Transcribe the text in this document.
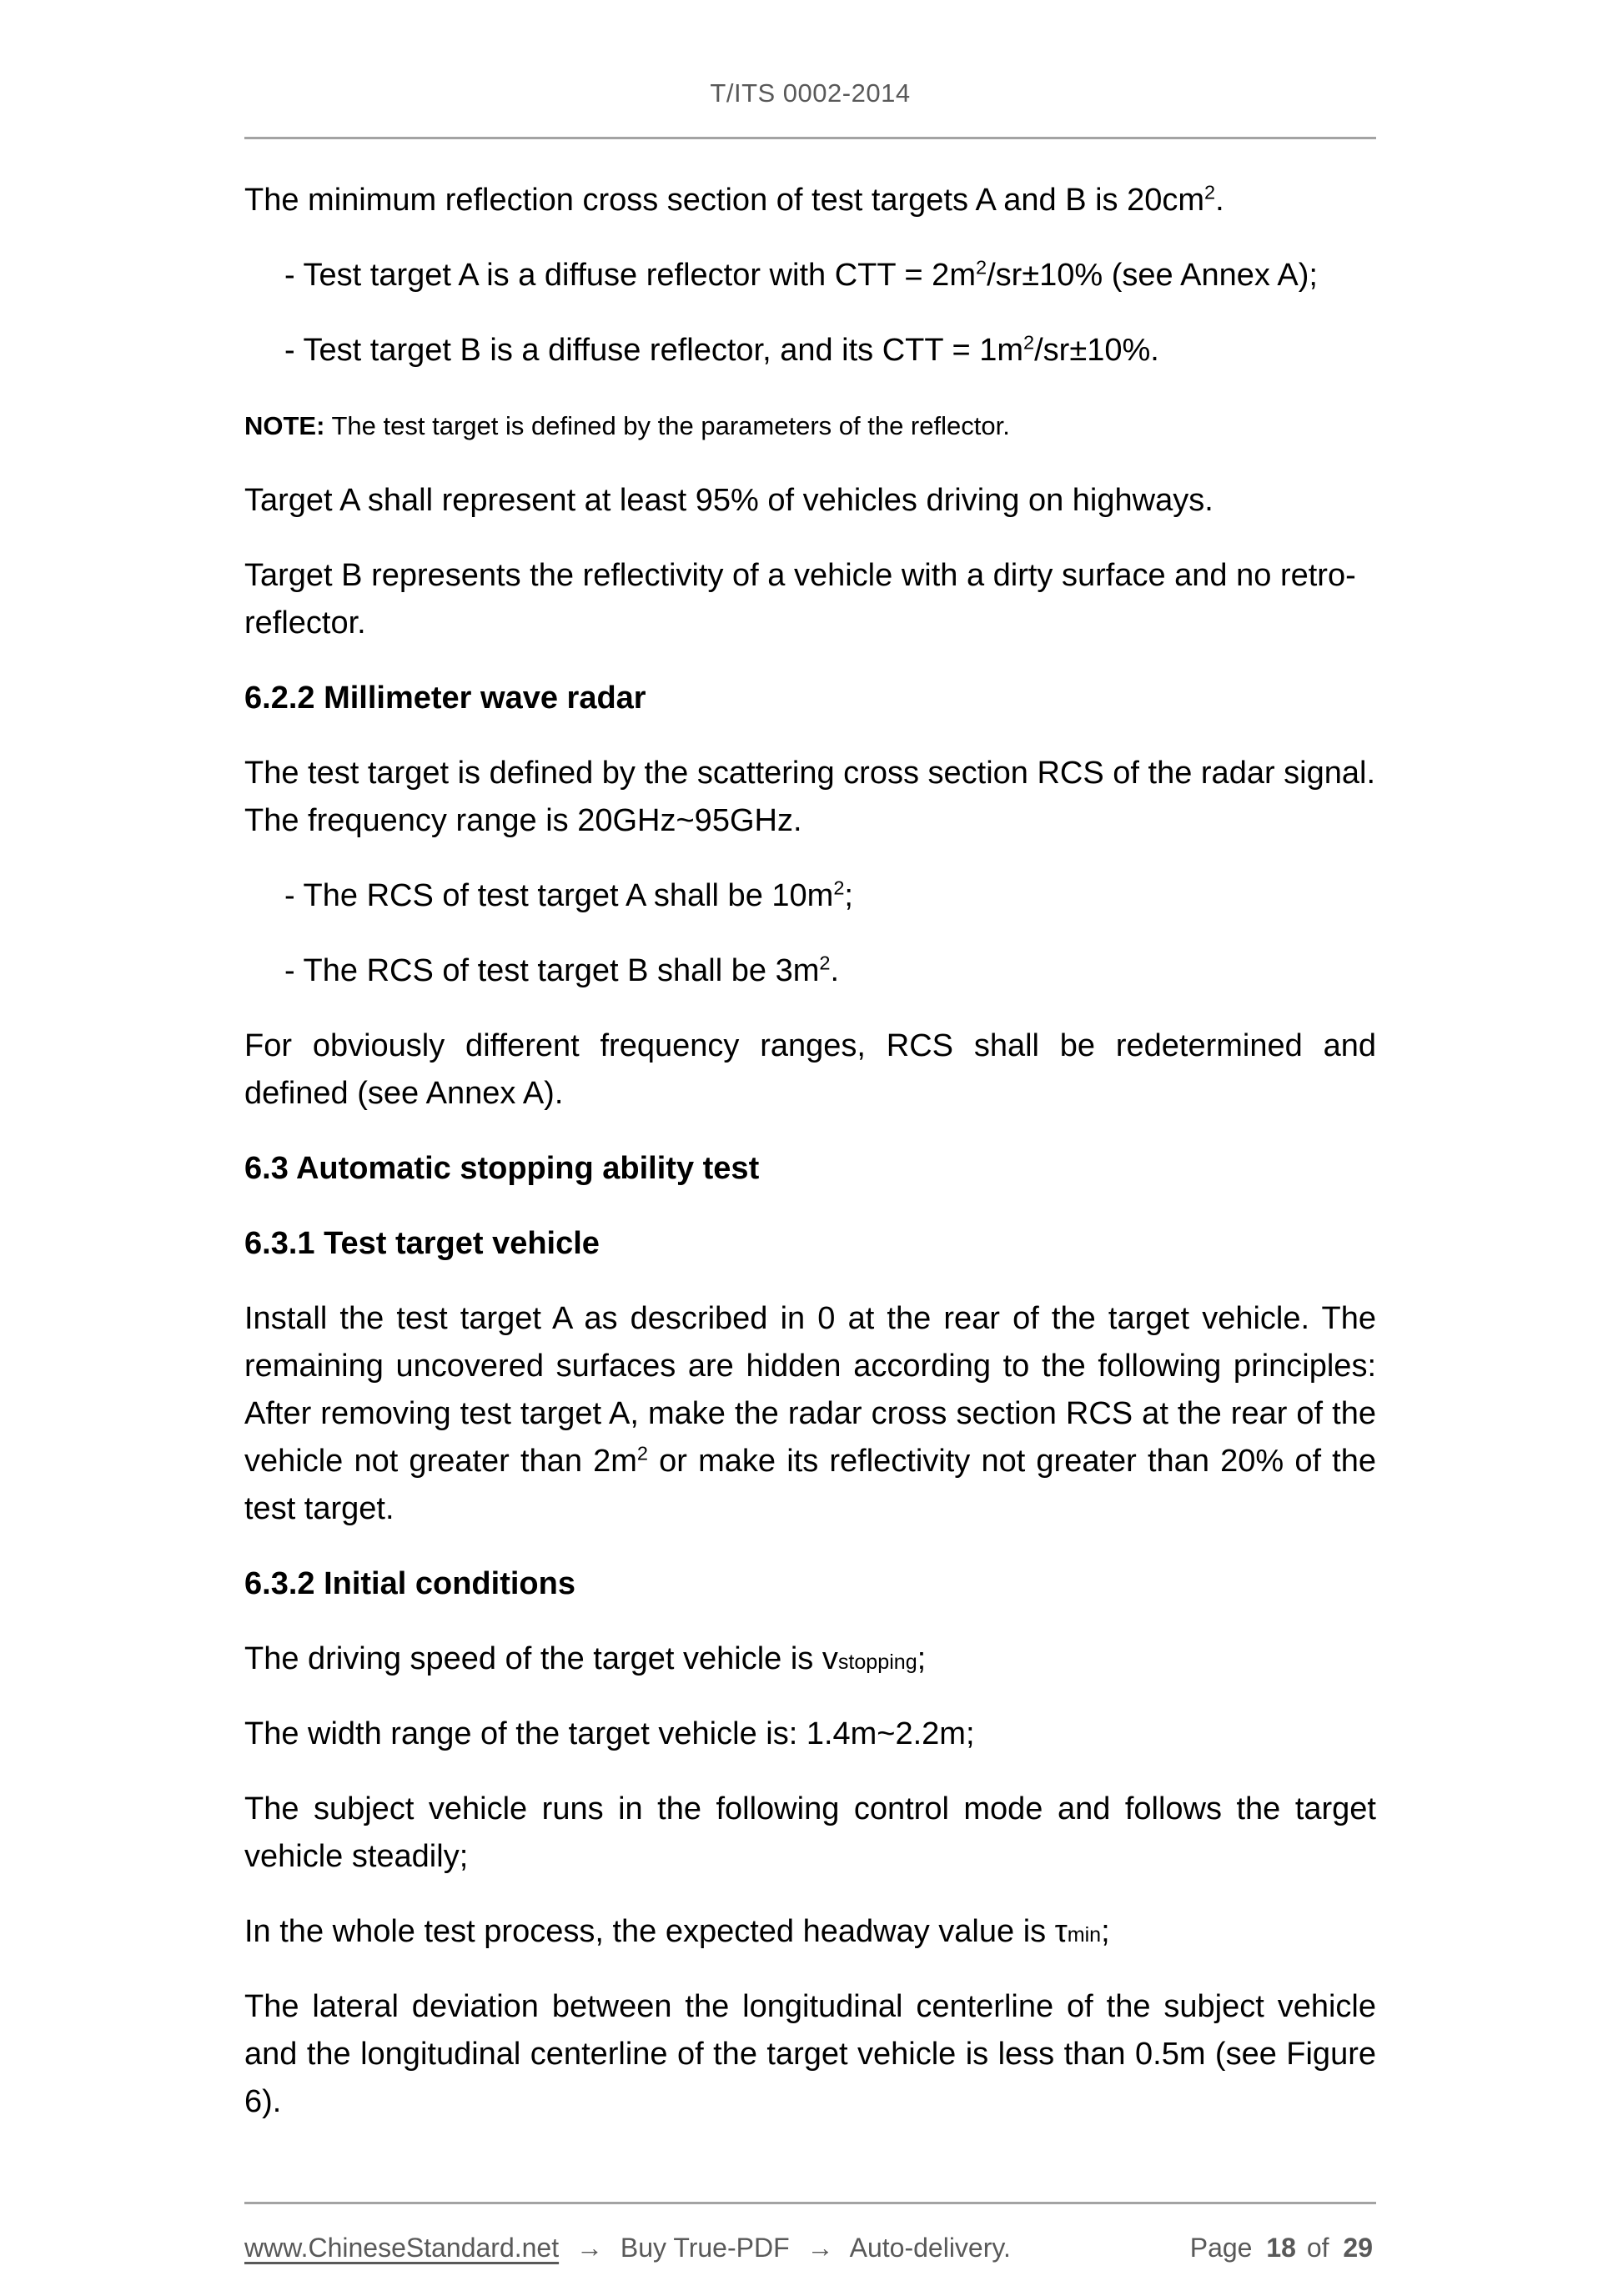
T/ITS 0002-2014

The minimum reflection cross section of test targets A and B is $20cm^2$.

- Test target A is a diffuse reflector with CTT = $2m^2/sr\pm 10\%$ (see Annex A);

- Test target B is a diffuse reflector, and its CTT = $1m^2/sr\pm 10\%$.

NOTE: The test target is defined by the parameters of the reflector.

Target A shall represent at least 95% of vehicles driving on highways.

Target B represents the reflectivity of a vehicle with a dirty surface and no retro-reflector.

6.2.2 Millimeter wave radar

The test target is defined by the scattering cross section RCS of the radar signal. The frequency range is 20GHz~95GHz.

- The RCS of test target A shall be $10m^2$;

- The RCS of test target B shall be $3m^2$.

For obviously different frequency ranges, RCS shall be redetermined and defined (see Annex A).

6.3 Automatic stopping ability test

6.3.1 Test target vehicle

Install the test target A as described in 0 at the rear of the target vehicle. The remaining uncovered surfaces are hidden according to the following principles: After removing test target A, make the radar cross section RCS at the rear of the vehicle not greater than $2m^2$ or make its reflectivity not greater than 20% of the test target.

6.3.2 Initial conditions

The driving speed of the target vehicle is vstopping;

The width range of the target vehicle is: 1.4m~2.2m;

The subject vehicle runs in the following control mode and follows the target vehicle steadily;

In the whole test process, the expected headway value is τmin;

The lateral deviation between the longitudinal centerline of the subject vehicle and the longitudinal centerline of the target vehicle is less than 0.5m (see Figure 6).

www.ChineseStandard.net → Buy True-PDF → Auto-delivery.	Page 18 of 29
